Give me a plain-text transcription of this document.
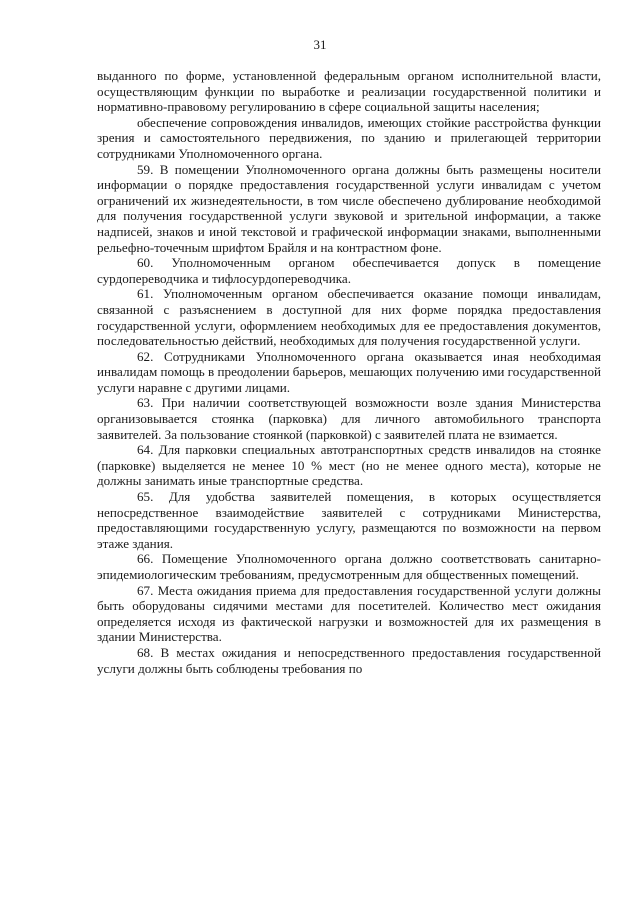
31

выданного по форме, установленной федеральным органом исполнительной власти, осуществляющим функции по выработке и реализации государственной политики и нормативно-правовому регулированию в сфере социальной защиты населения;

обеспечение сопровождения инвалидов, имеющих стойкие расстройства функции зрения и самостоятельного передвижения, по зданию и прилегающей территории сотрудниками Уполномоченного органа.

59. В помещении Уполномоченного органа должны быть размещены носители информации о порядке предоставления государственной услуги инвалидам с учетом ограничений их жизнедеятельности, в том числе обеспечено дублирование необходимой для получения государственной услуги звуковой и зрительной информации, а также надписей, знаков и иной текстовой и графической информации знаками, выполненными рельефно-точечным шрифтом Брайля и на контрастном фоне.

60. Уполномоченным органом обеспечивается допуск в помещение сурдопереводчика и тифлосурдопереводчика.

61. Уполномоченным органом обеспечивается оказание помощи инвалидам, связанной с разъяснением в доступной для них форме порядка предоставления государственной услуги, оформлением необходимых для ее предоставления документов, последовательностью действий, необходимых для получения государственной услуги.

62. Сотрудниками Уполномоченного органа оказывается иная необходимая инвалидам помощь в преодолении барьеров, мешающих получению ими государственной услуги наравне с другими лицами.

63. При наличии соответствующей возможности возле здания Министерства организовывается стоянка (парковка) для личного автомобильного транспорта заявителей. За пользование стоянкой (парковкой) с заявителей плата не взимается.

64. Для парковки специальных автотранспортных средств инвалидов на стоянке (парковке) выделяется не менее 10 % мест (но не менее одного места), которые не должны занимать иные транспортные средства.

65. Для удобства заявителей помещения, в которых осуществляется непосредственное взаимодействие заявителей с сотрудниками Министерства, предоставляющими государственную услугу, размещаются по возможности на первом этаже здания.

66. Помещение Уполномоченного органа должно соответствовать санитарно-эпидемиологическим требованиям, предусмотренным для общественных помещений.

67. Места ожидания приема для предоставления государственной услуги должны быть оборудованы сидячими местами для посетителей. Количество мест ожидания определяется исходя из фактической нагрузки и возможностей для их размещения в здании Министерства.

68. В местах ожидания и непосредственного предоставления государственной услуги должны быть соблюдены требования по
